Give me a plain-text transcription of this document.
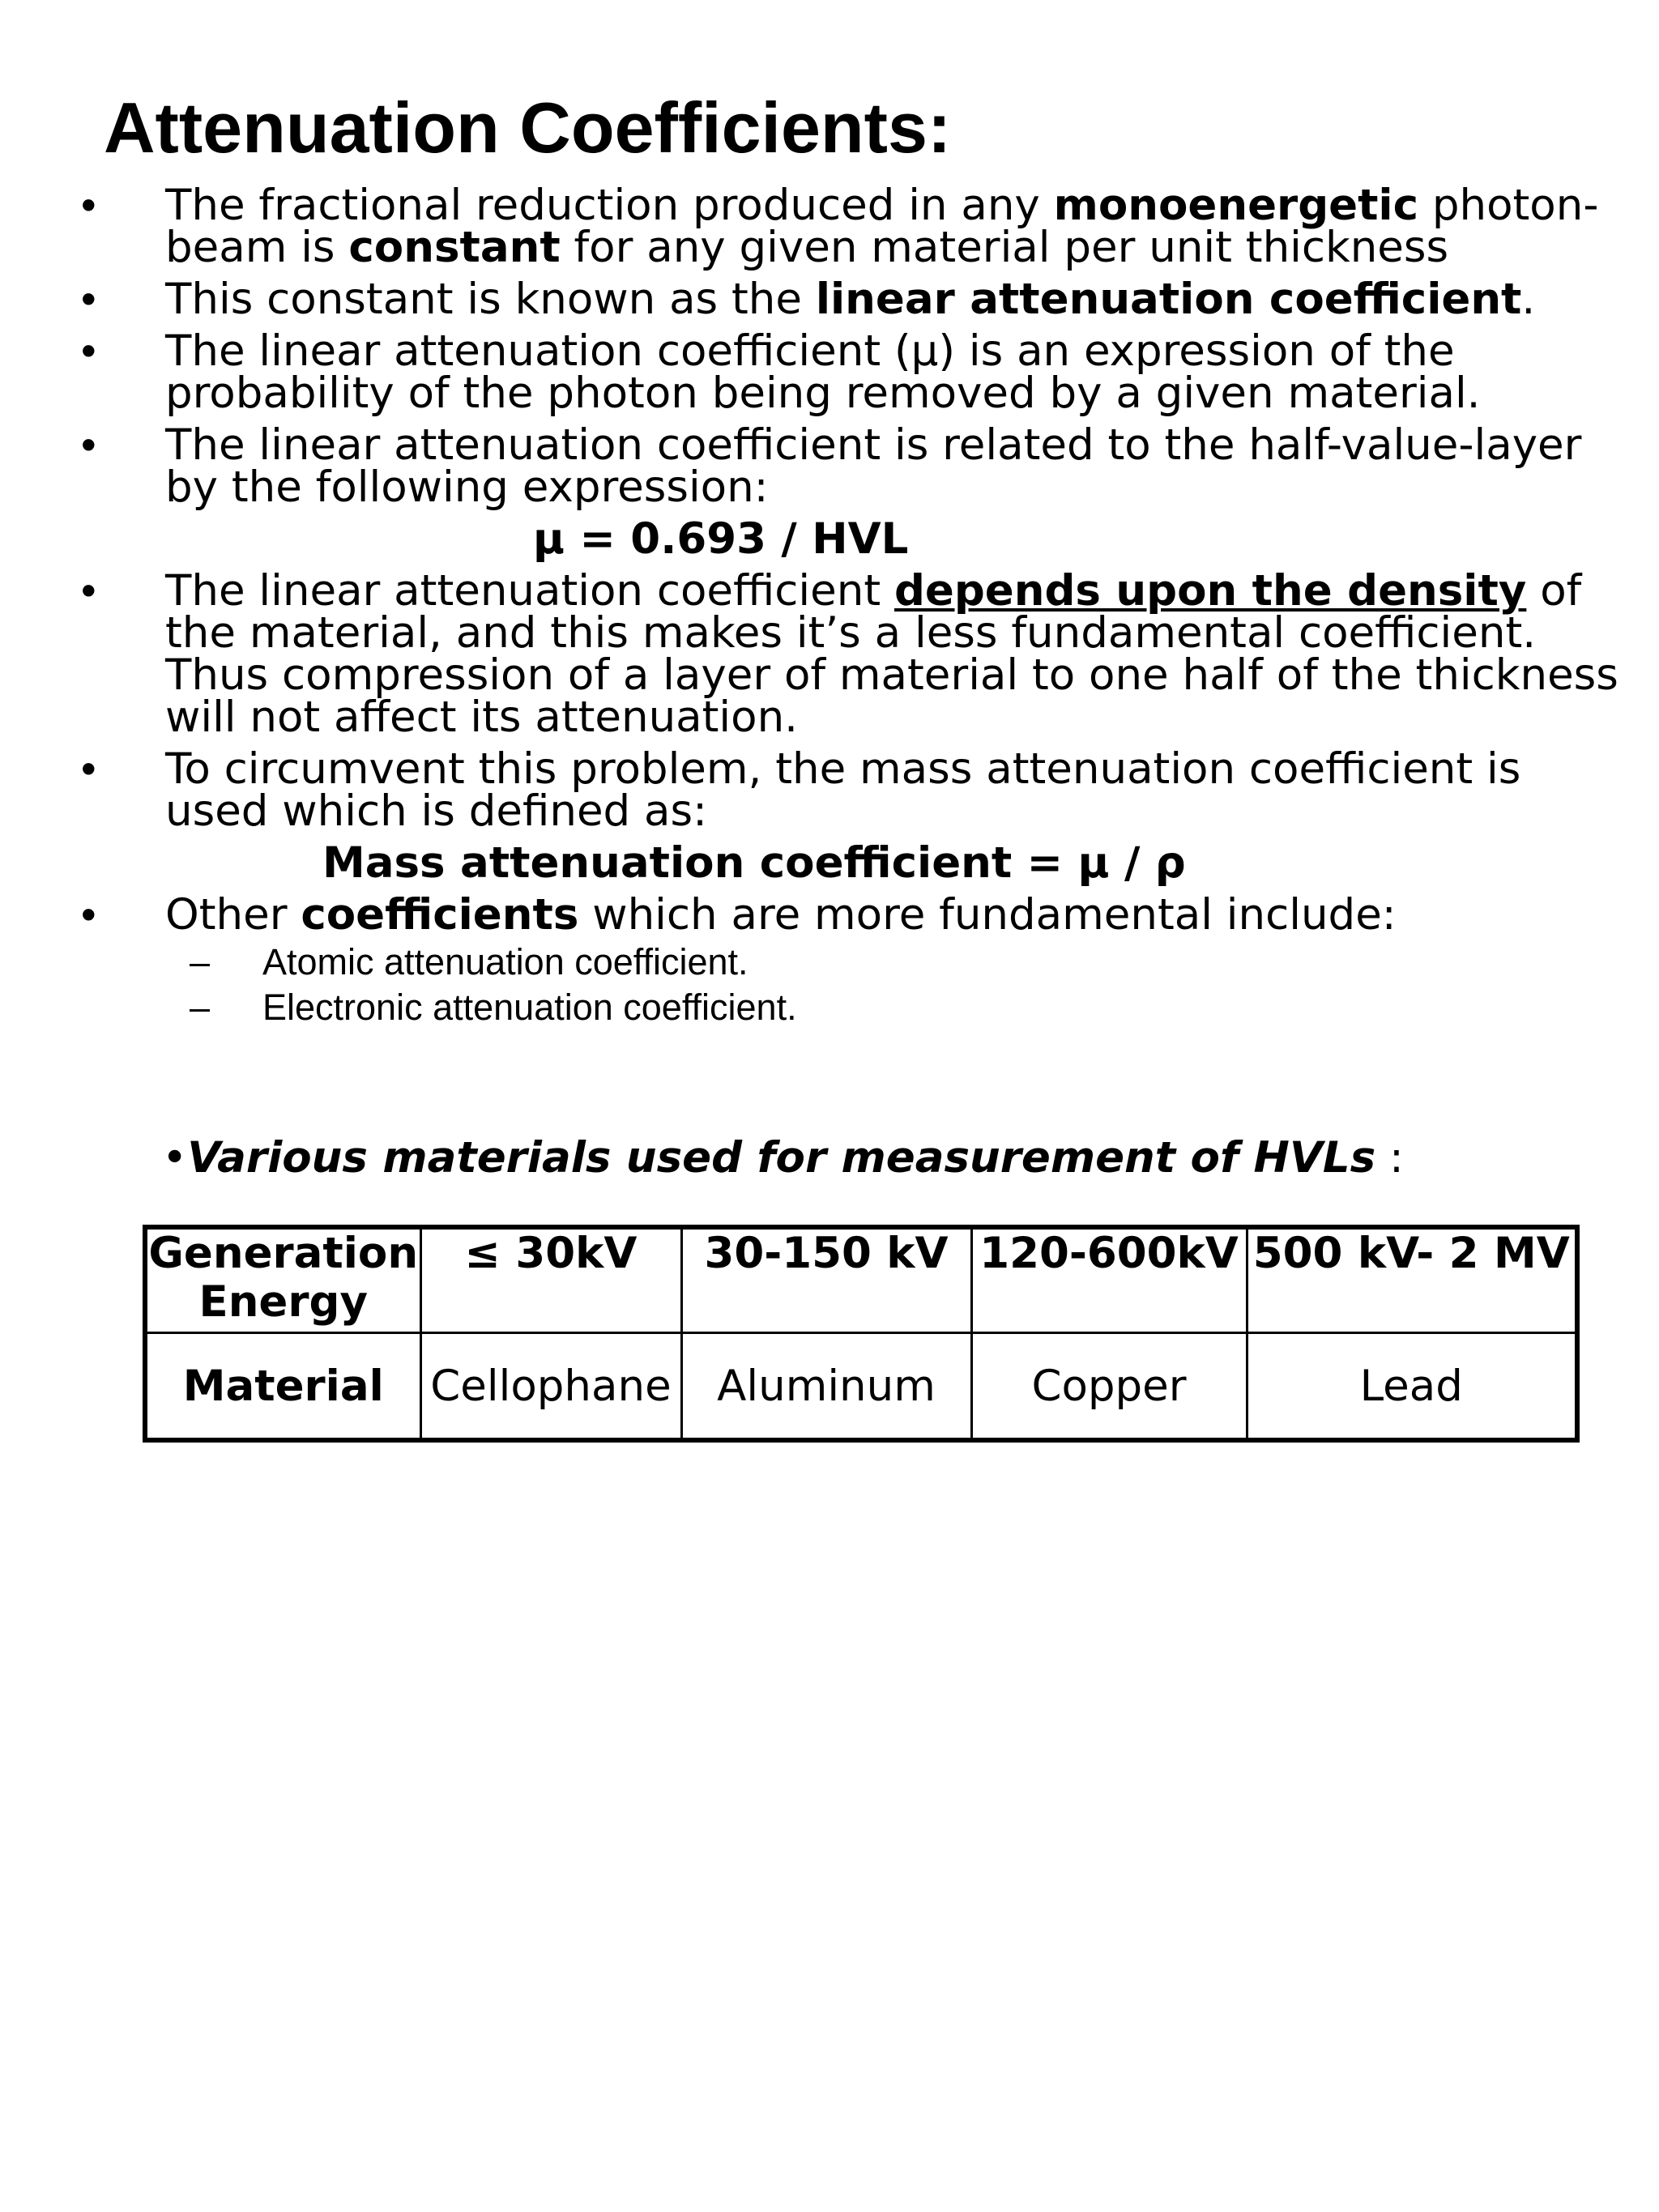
Attenuation Coefficients:
• The fractional reduction produced in any monoenergetic photon-beam is constant for any given material per unit thickness
• This constant is known as the linear attenuation coefficient.
• The linear attenuation coefficient (µ) is an expression of the probability of the photon being removed by a given material.
• The linear attenuation coefficient is related to the half-value-layer by the following expression:
µ = 0.693 / HVL
• The linear attenuation coefficient depends upon the density of the material, and this makes it’s a less fundamental coefficient. Thus compression of a layer of material to one half of the thickness will not affect its attenuation.
• To circumvent this problem, the mass attenuation coefficient is used which is defined as:
Mass attenuation coefficient = µ / ρ
• Other coefficients which are more fundamental include:
– Atomic attenuation coefficient.
– Electronic attenuation coefficient.
•Various materials used for measurement of HVLs :
Generation Energy	≤ 30kV	30-150 kV	120-600kV	500 kV- 2 MV
Material	Cellophane	Aluminum	Copper	Lead
